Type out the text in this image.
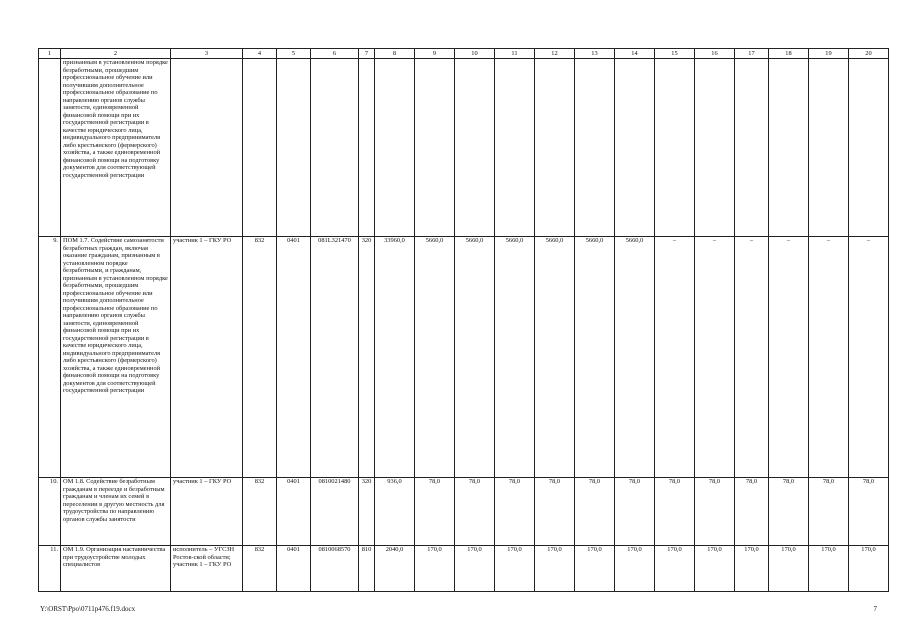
1	2	3	4	5	6	7	8	9	10	11	12	13	14	15	16	17	18	19	20
	признанным в установленном порядке безработными, прошедшим профессиональное обучение или получившим дополнительное профессиональное образование по направлению органов службы занятости, единовременной финансовой помощи при их государственной регистрации в качестве юридического лица, индивидуального предпринимателя либо крестьянского (фермерского) хозяйства, а также единовременной финансовой помощи на подготовку документов для соответствующей государственной регистрации																		
9.	ПОМ 1.7. Содействие самозанятости безработных граждан, включая оказание гражданам, признанным в установленном порядке безработными, и гражданам, признанным в установленном порядке безработными, прошедшим профессиональное обучение или получившим дополнительное профессиональное образование по направлению органов службы занятости, единовременной финансовой помощи при их государственной регистрации в качестве юридического лица, индивидуального предпринимателя либо крестьянского (фермерского) хозяйства, а также единовременной финансовой помощи на подготовку документов для соответствующей государственной регистрации	участник 1 – ГКУ РО	832	0401	081L321470	320	33960,0	5660,0	5660,0	5660,0	5660,0	5660,0	5660,0	–	–	–	–	–	–
10.	ОМ 1.8. Содействие безработным гражданам в переезде и безработным гражданам и членам их семей в переселении в другую местность для трудоустройства по направлению органов службы занятости	участник 1 – ГКУ РО	832	0401	0810021480	320	936,0	78,0	78,0	78,0	78,0	78,0	78,0	78,0	78,0	78,0	78,0	78,0	78,0
11.	ОМ 1.9. Организация наставничества при трудоустройстве молодых специалистов	исполнитель – УГСЗН Ростов-ской области; участник 1 – ГКУ РО	832	0401	0810068570	810	2040,0	170,0	170,0	170,0	170,0	170,0	170,0	170,0	170,0	170,0	170,0	170,0	170,0
Y:\ORST\Ppo\0711p476.f19.docx	7
